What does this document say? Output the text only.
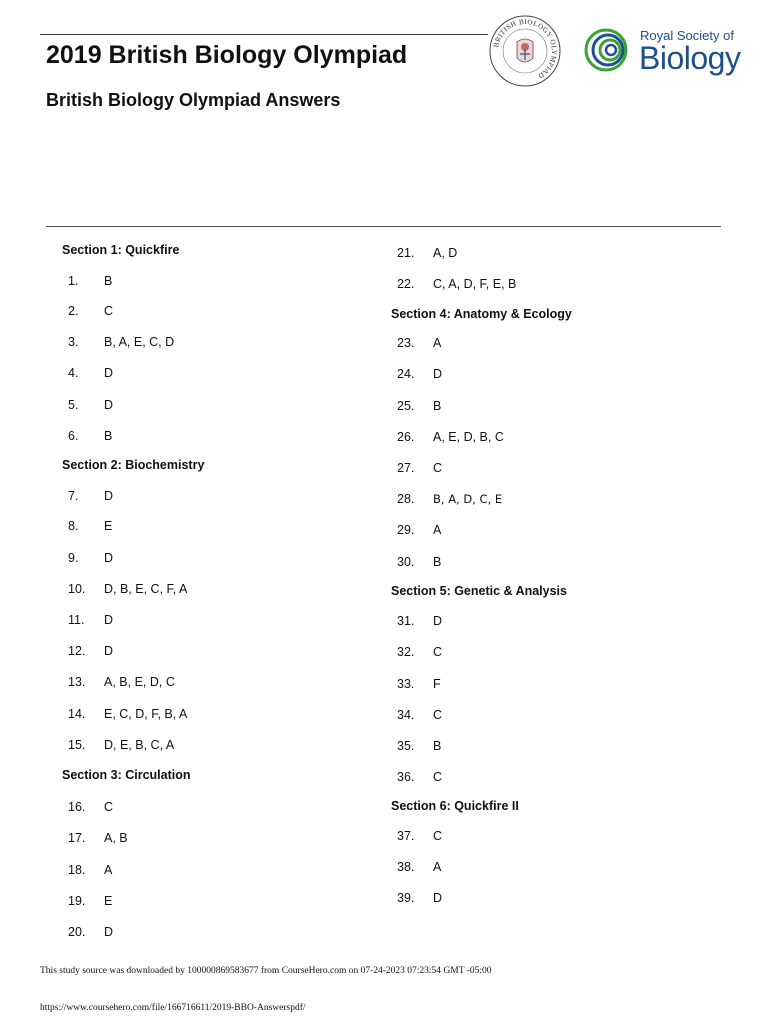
2019 British Biology Olympiad
British Biology Olympiad Answers
BRITISH BIOLOGY OLYMPIAD
Royal Society of
Biology
Section 1: Quickfire
1. B
2. C
3. B, A, E, C, D
4. D
5. D
6. B
Section 2: Biochemistry
7. D
8. E
9. D
10. D, B, E, C, F, A
11. D
12. D
13. A, B, E, D, C
14. E, C, D, F, B, A
15. D, E, B, C, A
Section 3: Circulation
16. C
17. A, B
18. A
19. E
20. D
21. A, D
22. C, A, D, F, E, B
Section 4: Anatomy & Ecology
23. A
24. D
25. B
26. A, E, D, B, C
27. C
28. B, A, D, C, E
29. A
30. B
Section 5: Genetic & Analysis
31. D
32. C
33. F
34. C
35. B
36. C
Section 6: Quickfire II
37. C
38. A
39. D
This study source was downloaded by 100000869583677 from CourseHero.com on 07-24-2023 07:23:54 GMT -05:00
https://www.coursehero.com/file/166716611/2019-BBO-Answerspdf/
